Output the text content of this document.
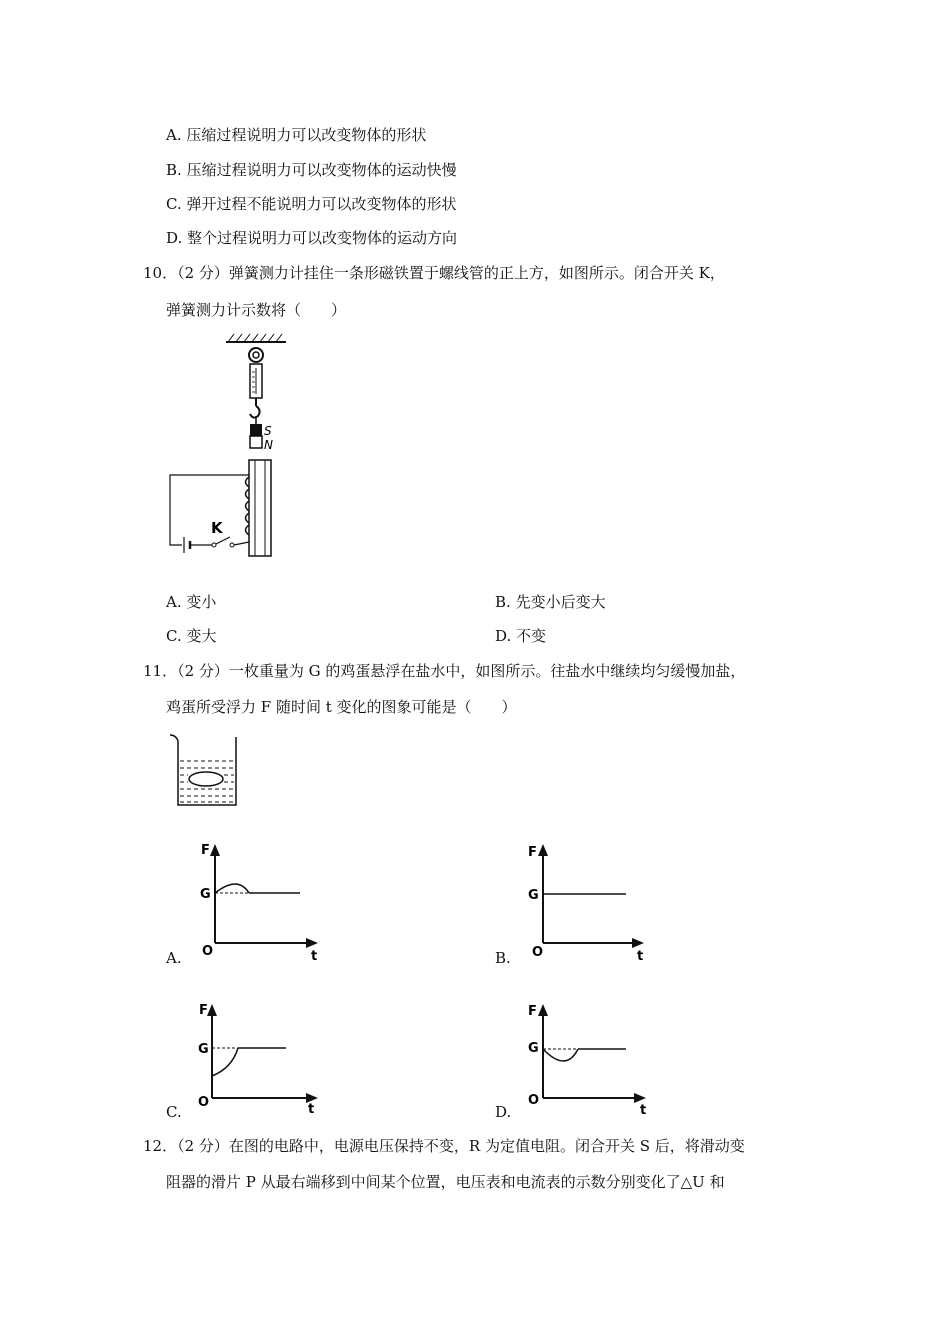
A. 压缩过程说明力可以改变物体的形状
B. 压缩过程说明力可以改变物体的运动快慢
C. 弹开过程不能说明力可以改变物体的形状
D. 整个过程说明力可以改变物体的运动方向
10．（2 分）弹簧测力计挂住一条形磁铁置于螺线管的正上方，如图所示。闭合开关 K，
弹簧测力计示数将（　　）
S
N
K
A. 变小	B. 先变小后变大
C. 变大	D. 不变
11．（2 分）一枚重量为 G 的鸡蛋悬浮在盐水中，如图所示。往盐水中继续均匀缓慢加盐，
鸡蛋所受浮力 F 随时间 t 变化的图象可能是（　　）
F
G
O	t
A.
F
G
O	t
B.
F
G
O	t
C.
F
G
O
t
D.
12．（2 分）在图的电路中，电源电压保持不变，R 为定值电阻。闭合开关 S 后，将滑动变
阻器的滑片 P 从最右端移到中间某个位置，电压表和电流表的示数分别变化了△U 和
